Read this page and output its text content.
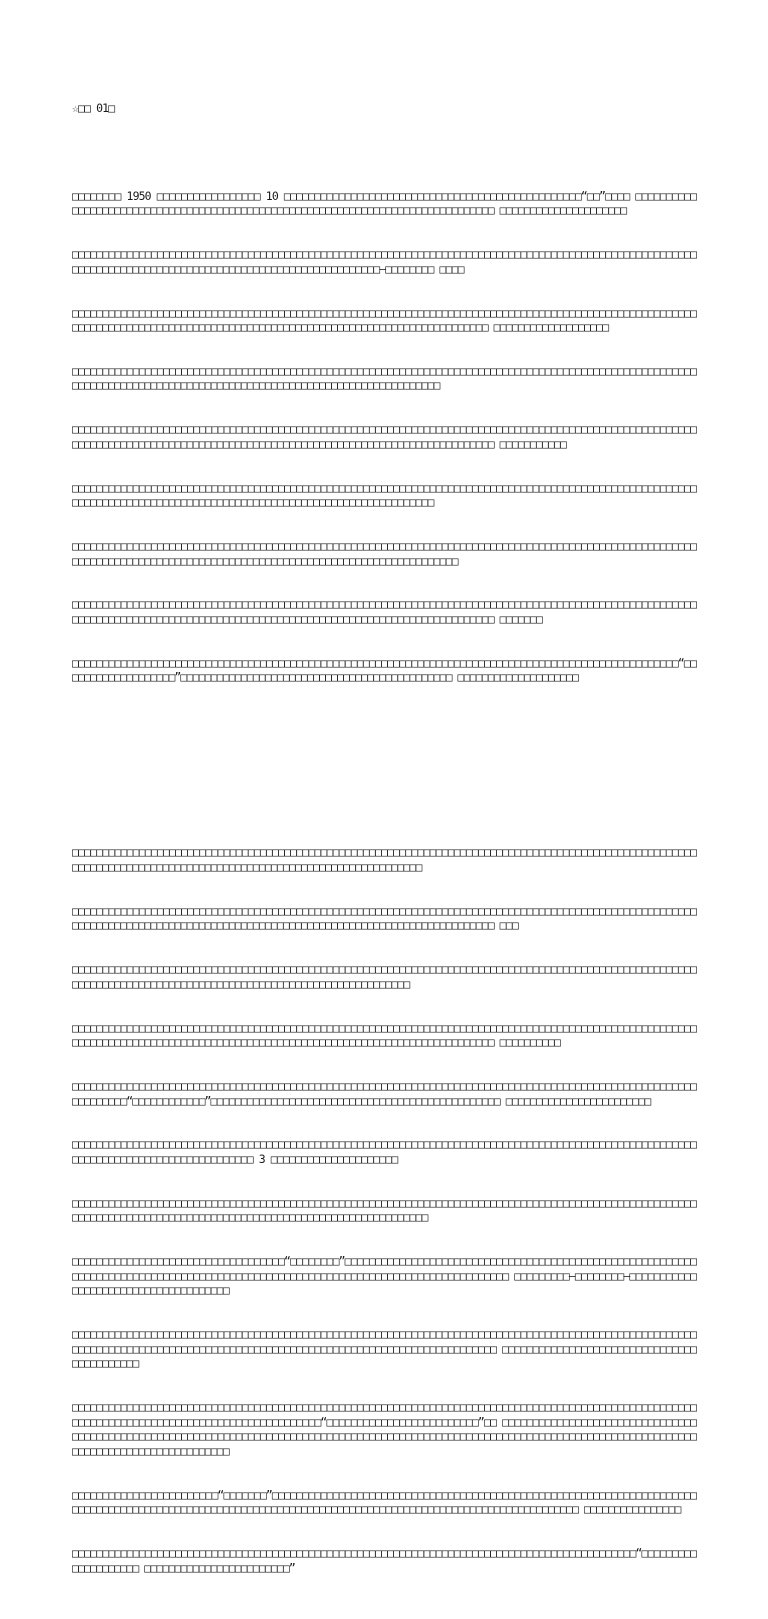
☆□□ 01□

□□□□□□□□ 1950 □□□□□□□□□□□□□□□□□ 10 □□□□□□□□□□□□□□□□□□□□□□□□□□□□□□□□□□□□□□□□□□□□□□□□□“□□”□□□□ □□□□□□□□□□□□□□□□□□□□□□□□□□□□□□□□□□□□□□□□□□□□□□□□□□□□□□□□□□□□□□□□□□□□□□□□□□□□□□□□ □□□□□□□□□□□□□□□□□□□□□

□□□□□□□□□□□□□□□□□□□□□□□□□□□□□□□□□□□□□□□□□□□□□□□□□□□□□□□□□□□□□□□□□□□□□□□□□□□□□□□□□□□□□□□□□□□□□□□□□□□□□□□□□□□□□□□□□□□□□□□□□□□□□□□□□□□□□□□□□□□□□□□□□□□□□□□□□□—□□□□□□□□ □□□□

□□□□□□□□□□□□□□□□□□□□□□□□□□□□□□□□□□□□□□□□□□□□□□□□□□□□□□□□□□□□□□□□□□□□□□□□□□□□□□□□□□□□□□□□□□□□□□□□□□□□□□□□□□□□□□□□□□□□□□□□□□□□□□□□□□□□□□□□□□□□□□□□□□□□□□□□□□□□□□□□□□□□□□□□□□□□ □□□□□□□□□□□□□□□□□□□

□□□□□□□□□□□□□□□□□□□□□□□□□□□□□□□□□□□□□□□□□□□□□□□□□□□□□□□□□□□□□□□□□□□□□□□□□□□□□□□□□□□□□□□□□□□□□□□□□□□□□□□□□□□□□□□□□□□□□□□□□□□□□□□□□□□□□□□□□□□□□□□□□□□□□□□□□□□□□□□□□□□□

□□□□□□□□□□□□□□□□□□□□□□□□□□□□□□□□□□□□□□□□□□□□□□□□□□□□□□□□□□□□□□□□□□□□□□□□□□□□□□□□□□□□□□□□□□□□□□□□□□□□□□□□□□□□□□□□□□□□□□□□□□□□□□□□□□□□□□□□□□□□□□□□□□□□□□□□□□□□□□□□□□□□□□□□□□□□□ □□□□□□□□□□□

□□□□□□□□□□□□□□□□□□□□□□□□□□□□□□□□□□□□□□□□□□□□□□□□□□□□□□□□□□□□□□□□□□□□□□□□□□□□□□□□□□□□□□□□□□□□□□□□□□□□□□□□□□□□□□□□□□□□□□□□□□□□□□□□□□□□□□□□□□□□□□□□□□□□□□□□□□□□□□□□□□□

□□□□□□□□□□□□□□□□□□□□□□□□□□□□□□□□□□□□□□□□□□□□□□□□□□□□□□□□□□□□□□□□□□□□□□□□□□□□□□□□□□□□□□□□□□□□□□□□□□□□□□□□□□□□□□□□□□□□□□□□□□□□□□□□□□□□□□□□□□□□□□□□□□□□□□□□□□□□□□□□□□□□□□□

□□□□□□□□□□□□□□□□□□□□□□□□□□□□□□□□□□□□□□□□□□□□□□□□□□□□□□□□□□□□□□□□□□□□□□□□□□□□□□□□□□□□□□□□□□□□□□□□□□□□□□□□□□□□□□□□□□□□□□□□□□□□□□□□□□□□□□□□□□□□□□□□□□□□□□□□□□□□□□□□□□□□□□□□□□□□□ □□□□□□□

□□□□□□□□□□□□□□□□□□□□□□□□□□□□□□□□□□□□□□□□□□□□□□□□□□□□□□□□□□□□□□□□□□□□□□□□□□□□□□□□□□□□□□□□□□□□□□□□□□□□“□□□□□□□□□□□□□□□□□□□”□□□□□□□□□□□□□□□□□□□□□□□□□□□□□□□□□□□□□□□□□□□□□ □□□□□□□□□□□□□□□□□□□□

□□□□□□□□□□□□□□□□□□□□□□□□□□□□□□□□□□□□□□□□□□□□□□□□□□□□□□□□□□□□□□□□□□□□□□□□□□□□□□□□□□□□□□□□□□□□□□□□□□□□□□□□□□□□□□□□□□□□□□□□□□□□□□□□□□□□□□□□□□□□□□□□□□□□□□□□□□□□□□□□□

□□□□□□□□□□□□□□□□□□□□□□□□□□□□□□□□□□□□□□□□□□□□□□□□□□□□□□□□□□□□□□□□□□□□□□□□□□□□□□□□□□□□□□□□□□□□□□□□□□□□□□□□□□□□□□□□□□□□□□□□□□□□□□□□□□□□□□□□□□□□□□□□□□□□□□□□□□□□□□□□□□□□□□□□□□□□□ □□□

□□□□□□□□□□□□□□□□□□□□□□□□□□□□□□□□□□□□□□□□□□□□□□□□□□□□□□□□□□□□□□□□□□□□□□□□□□□□□□□□□□□□□□□□□□□□□□□□□□□□□□□□□□□□□□□□□□□□□□□□□□□□□□□□□□□□□□□□□□□□□□□□□□□□□□□□□□□□□□□

□□□□□□□□□□□□□□□□□□□□□□□□□□□□□□□□□□□□□□□□□□□□□□□□□□□□□□□□□□□□□□□□□□□□□□□□□□□□□□□□□□□□□□□□□□□□□□□□□□□□□□□□□□□□□□□□□□□□□□□□□□□□□□□□□□□□□□□□□□□□□□□□□□□□□□□□□□□□□□□□□□□□□□□□□□□□□ □□□□□□□□□□

□□□□□□□□□□□□□□□□□□□□□□□□□□□□□□□□□□□□□□□□□□□□□□□□□□□□□□□□□□□□□□□□□□□□□□□□□□□□□□□□□□□□□□□□□□□□□□□□□□□□□□□□□□□□□□□□“□□□□□□□□□□□□”□□□□□□□□□□□□□□□□□□□□□□□□□□□□□□□□□□□□□□□□□□□□□□□□ □□□□□□□□□□□□□□□□□□□□□□□□

□□□□□□□□□□□□□□□□□□□□□□□□□□□□□□□□□□□□□□□□□□□□□□□□□□□□□□□□□□□□□□□□□□□□□□□□□□□□□□□□□□□□□□□□□□□□□□□□□□□□□□□□□□□□□□□□□□□□□□□□□□□□□□□□□□□□□ 3 □□□□□□□□□□□□□□□□□□□□□

□□□□□□□□□□□□□□□□□□□□□□□□□□□□□□□□□□□□□□□□□□□□□□□□□□□□□□□□□□□□□□□□□□□□□□□□□□□□□□□□□□□□□□□□□□□□□□□□□□□□□□□□□□□□□□□□□□□□□□□□□□□□□□□□□□□□□□□□□□□□□□□□□□□□□□□□□□□□□□□□□□

□□□□□□□□□□□□□□□□□□□□□□□□□□□□□□□□□□□“□□□□□□□□”□□□□□□□□□□□□□□□□□□□□□□□□□□□□□□□□□□□□□□□□□□□□□□□□□□□□□□□□□□□□□□□□□□□□□□□□□□□□□□□□□□□□□□□□□□□□□□□□□□□□□□□□□□□□□□□□□□□□□□□□□□□□□□□□□□ □□□□□□□□□—□□□□□□□□—□□□□□□□□□□□□□□□□□□□□□□□□□□□□□□□□□□□□□

□□□□□□□□□□□□□□□□□□□□□□□□□□□□□□□□□□□□□□□□□□□□□□□□□□□□□□□□□□□□□□□□□□□□□□□□□□□□□□□□□□□□□□□□□□□□□□□□□□□□□□□□□□□□□□□□□□□□□□□□□□□□□□□□□□□□□□□□□□□□□□□□□□□□□□□□□□□□□□□□□□□□□□□□□□□□□ □□□□□□□□□□□□□□□□□□□□□□□□□□□□□□□□□□□□□□□□□□□

□□□□□□□□□□□□□□□□□□□□□□□□□□□□□□□□□□□□□□□□□□□□□□□□□□□□□□□□□□□□□□□□□□□□□□□□□□□□□□□□□□□□□□□□□□□□□□□□□□□□□□□□□□□□□□□□□□□□□□□□□□□□□□□□□□□□□□□□□□□□□□□□“□□□□□□□□□□□□□□□□□□□□□□□□□”□□ □□□□□□□□□□□□□□□□□□□□□□□□□□□□□□□□□□□□□□□□□□□□□□□□□□□□□□□□□□□□□□□□□□□□□□□□□□□□□□□□□□□□□□□□□□□□□□□□□□□□□□□□□□□□□□□□□□□□□□□□□□□□□□□□□□□□□□□□□□□□□□□□□□□□□□□□□□□□□□□□□

□□□□□□□□□□□□□□□□□□□□□□□□“□□□□□□□”□□□□□□□□□□□□□□□□□□□□□□□□□□□□□□□□□□□□□□□□□□□□□□□□□□□□□□□□□□□□□□□□□□□□□□□□□□□□□□□□□□□□□□□□□□□□□□□□□□□□□□□□□□□□□□□□□□□□□□□□□□□□□□□□□□□□□□□□□□□□□□□□□□□□□□□□□□ □□□□□□□□□□□□□□□□

□□□□□□□□□□□□□□□□□□□□□□□□□□□□□□□□□□□□□□□□□□□□□□□□□□□□□□□□□□□□□□□□□□□□□□□□□□□□□□□□□□□□□□□□□□□□□“□□□□□□□□□□□□□□□□□□□□ □□□□□□□□□□□□□□□□□□□□□□□□”
